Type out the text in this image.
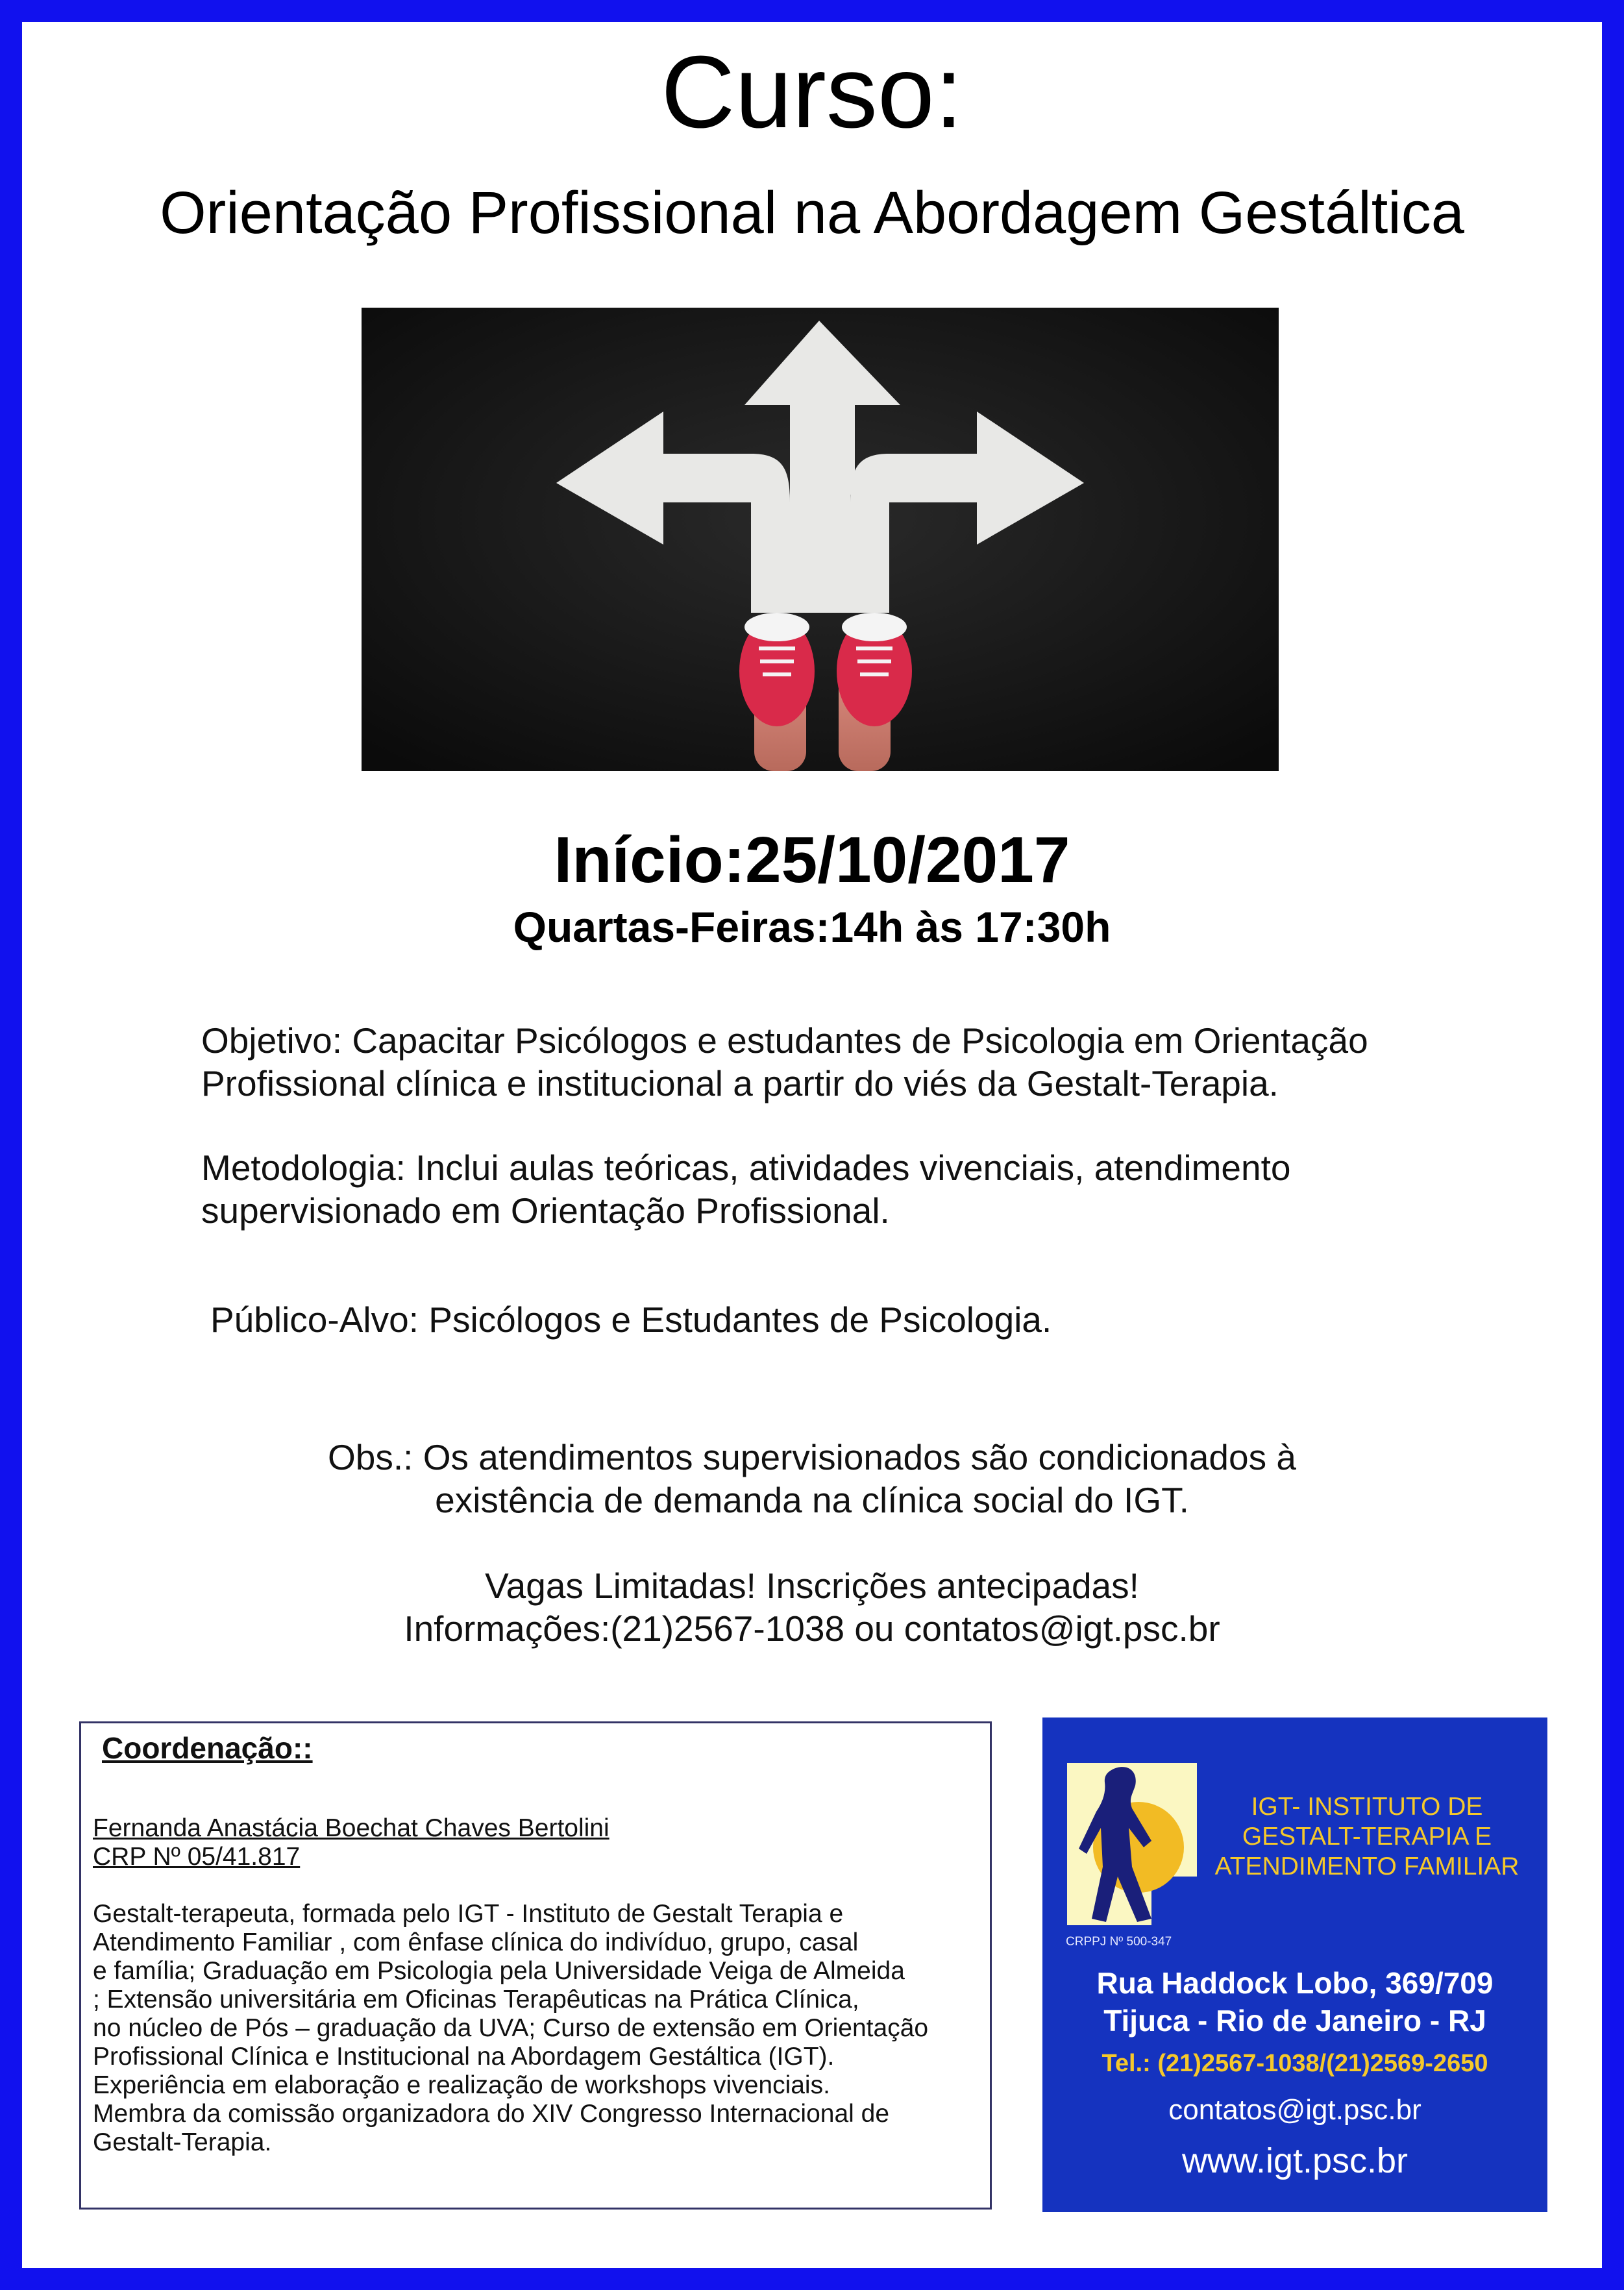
Curso:
Orientação Profissional na Abordagem Gestáltica
Início:25/10/2017
Quartas-Feiras:14h às 17:30h
Objetivo: Capacitar Psicólogos e estudantes de Psicologia em Orientação
Profissional clínica e institucional a partir do viés da Gestalt-Terapia.
Metodologia: Inclui aulas teóricas, atividades vivenciais, atendimento
supervisionado em Orientação Profissional.
Público-Alvo: Psicólogos e Estudantes de Psicologia.
Obs.: Os atendimentos supervisionados são condicionados à
existência de demanda na clínica social do IGT.
Vagas Limitadas! Inscrições antecipadas!
Informações:(21)2567-1038 ou contatos@igt.psc.br
Coordenação::
Fernanda Anastácia Boechat Chaves Bertolini
CRP Nº 05/41.817
Gestalt-terapeuta, formada pelo IGT - Instituto de Gestalt Terapia e
Atendimento Familiar , com ênfase clínica do indivíduo, grupo, casal
e família; Graduação em Psicologia pela Universidade Veiga de Almeida
; Extensão universitária em Oficinas Terapêuticas na Prática Clínica,
no núcleo de Pós – graduação da UVA; Curso de extensão em Orientação
Profissional Clínica e Institucional na Abordagem Gestáltica (IGT).
Experiência em elaboração e realização de workshops vivenciais.
Membra da comissão organizadora do XIV Congresso Internacional de
Gestalt-Terapia.
IGT- INSTITUTO DE
GESTALT-TERAPIA E
ATENDIMENTO FAMILIAR
CRPPJ Nº 500-347
Rua Haddock Lobo, 369/709
Tijuca - Rio de Janeiro - RJ
Tel.: (21)2567-1038/(21)2569-2650
contatos@igt.psc.br
www.igt.psc.br
